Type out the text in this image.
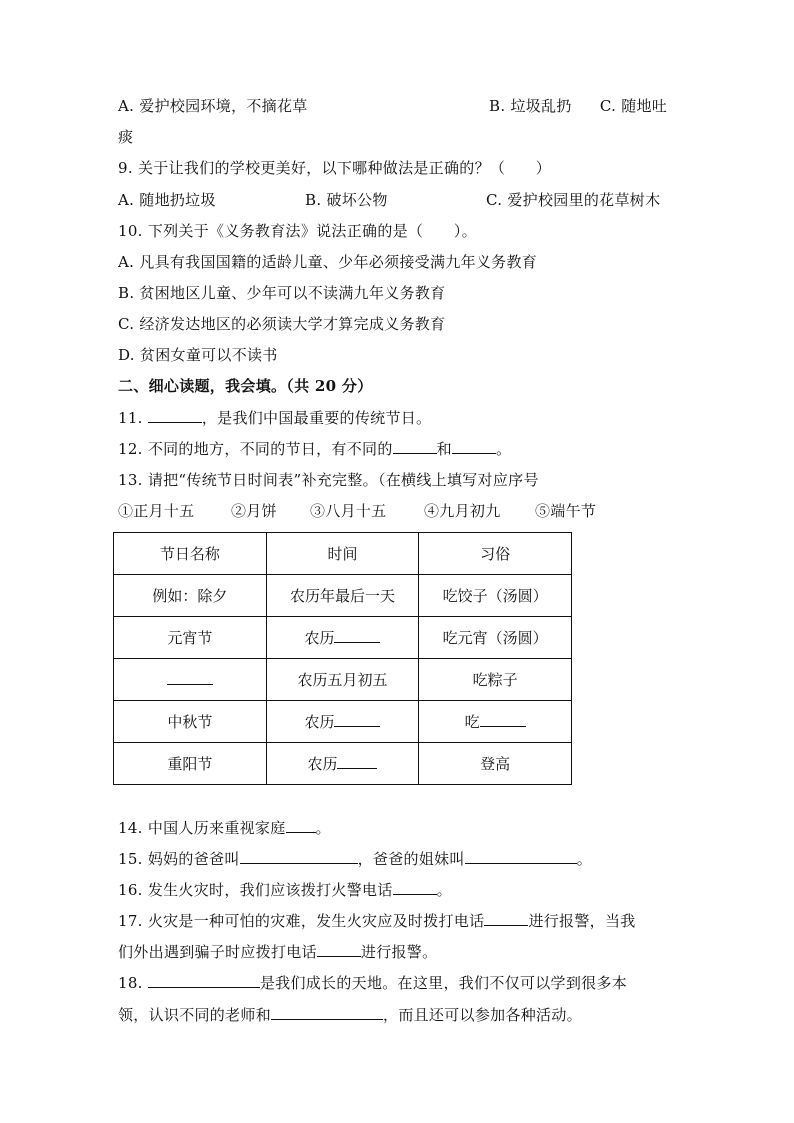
A. 爱护校园环境，不摘花草	B. 垃圾乱扔 C. 随地吐
痰
9. 关于让我们的学校更美好，以下哪种做法是正确的？（　　）
A. 随地扔垃圾	B. 破坏公物	C. 爱护校园里的花草树木
10. 下列关于《义务教育法》说法正确的是（　　）。
A. 凡具有我国国籍的适龄儿童、少年必须接受满九年义务教育
B. 贫困地区儿童、少年可以不读满九年义务教育
C. 经济发达地区的必须读大学才算完成义务教育
D. 贫困女童可以不读书
二、细心读题，我会填。（共 20 分）
11.	，是我们中国最重要的传统节日。
12. 不同的地方，不同的节日，有不同的	和	。
13. 请把“传统节日时间表”补充完整。（在横线上填写对应序号
①正月十五 ②月饼 ③八月十五 ④九月初九 ⑤端午节
节日名称	时间	习俗
例如：除夕	农历年最后一天	吃饺子（汤圆）
元宵节	农历	吃元宵（汤圆）
	农历五月初五	吃粽子
中秋节	农历	吃
重阳节	农历	登高
14. 中国人历来重视家庭 。
15. 妈妈的爸爸叫	，爸爸的姐妹叫	。
16. 发生火灾时，我们应该拨打火警电话	。
17. 火灾是一种可怕的灾难，发生火灾应及时拨打电话	进行报警，当我
们外出遇到骗子时应拨打电话	进行报警。
18.	是我们成长的天地。在这里，我们不仅可以学到很多本
领，认识不同的老师和	，而且还可以参加各种活动。
